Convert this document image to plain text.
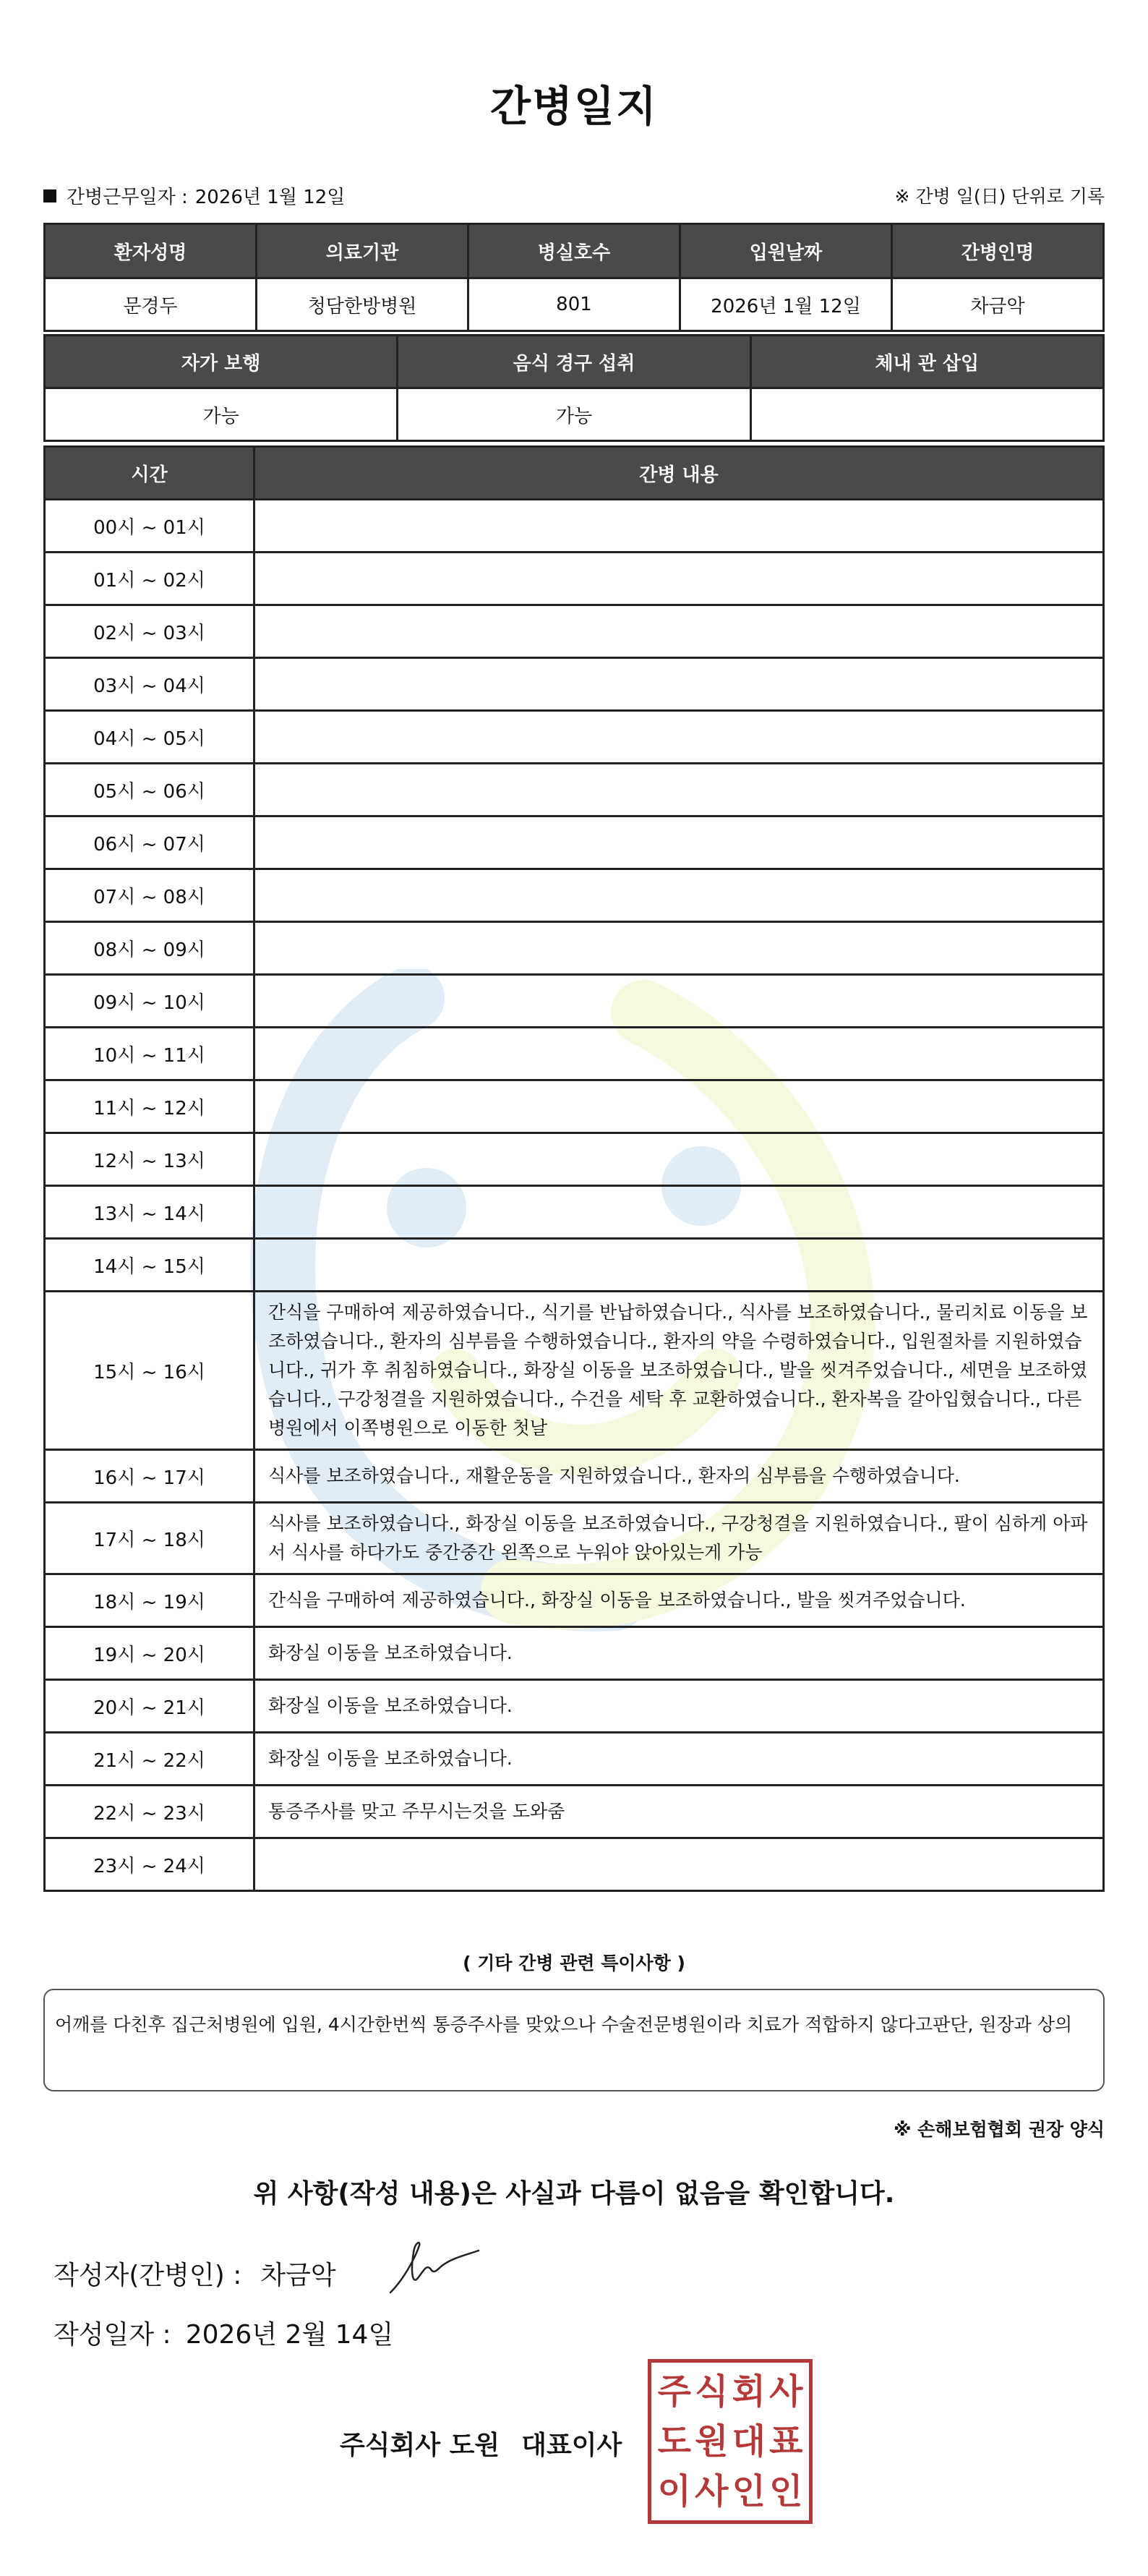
간병일지
간병근무일자 : 2026년 1월 12일	※ 간병 일(日) 단위로 기록
환자성명	의료기관	병실호수	입원날짜	간병인명
문경두	청담한방병원	801	2026년 1월 12일	차금악
자가 보행	음식 경구 섭취	체내 관 삽입
가능	가능	
시간	간병 내용
00시 ~ 01시	
01시 ~ 02시	
02시 ~ 03시	
03시 ~ 04시	
04시 ~ 05시	
05시 ~ 06시	
06시 ~ 07시	
07시 ~ 08시	
08시 ~ 09시	
09시 ~ 10시	
10시 ~ 11시	
11시 ~ 12시	
12시 ~ 13시	
13시 ~ 14시	
14시 ~ 15시	
15시 ~ 16시	간식을 구매하여 제공하였습니다., 식기를 반납하였습니다., 식사를 보조하였습니다., 물리치료 이동을 보조하였습니다., 환자의 심부름을 수행하였습니다., 환자의 약을 수령하였습니다., 입원절차를 지원하였습니다., 귀가 후 취침하였습니다., 화장실 이동을 보조하였습니다., 발을 씻겨주었습니다., 세면을 보조하였습니다., 구강청결을 지원하였습니다., 수건을 세탁 후 교환하였습니다., 환자복을 갈아입혔습니다., 다른병원에서 이쪽병원으로 이동한 첫날
16시 ~ 17시	식사를 보조하였습니다., 재활운동을 지원하였습니다., 환자의 심부름을 수행하였습니다.
17시 ~ 18시	식사를 보조하였습니다., 화장실 이동을 보조하였습니다., 구강청결을 지원하였습니다., 팔이 심하게 아파서 식사를 하다가도 중간중간 왼쪽으로 누워야 앉아있는게 가능
18시 ~ 19시	간식을 구매하여 제공하였습니다., 화장실 이동을 보조하였습니다., 발을 씻겨주었습니다.
19시 ~ 20시	화장실 이동을 보조하였습니다.
20시 ~ 21시	화장실 이동을 보조하였습니다.
21시 ~ 22시	화장실 이동을 보조하였습니다.
22시 ~ 23시	통증주사를 맞고 주무시는것을 도와줌
23시 ~ 24시	
( 기타 간병 관련 특이사항 )
어깨를 다친후 집근처병원에 입원, 4시간한번씩 통증주사를 맞았으나 수술전문병원이라 치료가 적합하지 않다고판단, 원장과 상의
※ 손해보험협회 권장 양식
위 사항(작성 내용)은 사실과 다름이 없음을 확인합니다.
작성자(간병인) : 차금악
작성일자 : 2026년 2월 14일
주식회사 도원 대표이사
주 식 회 사
도 원 대 표
이 사 인 인
